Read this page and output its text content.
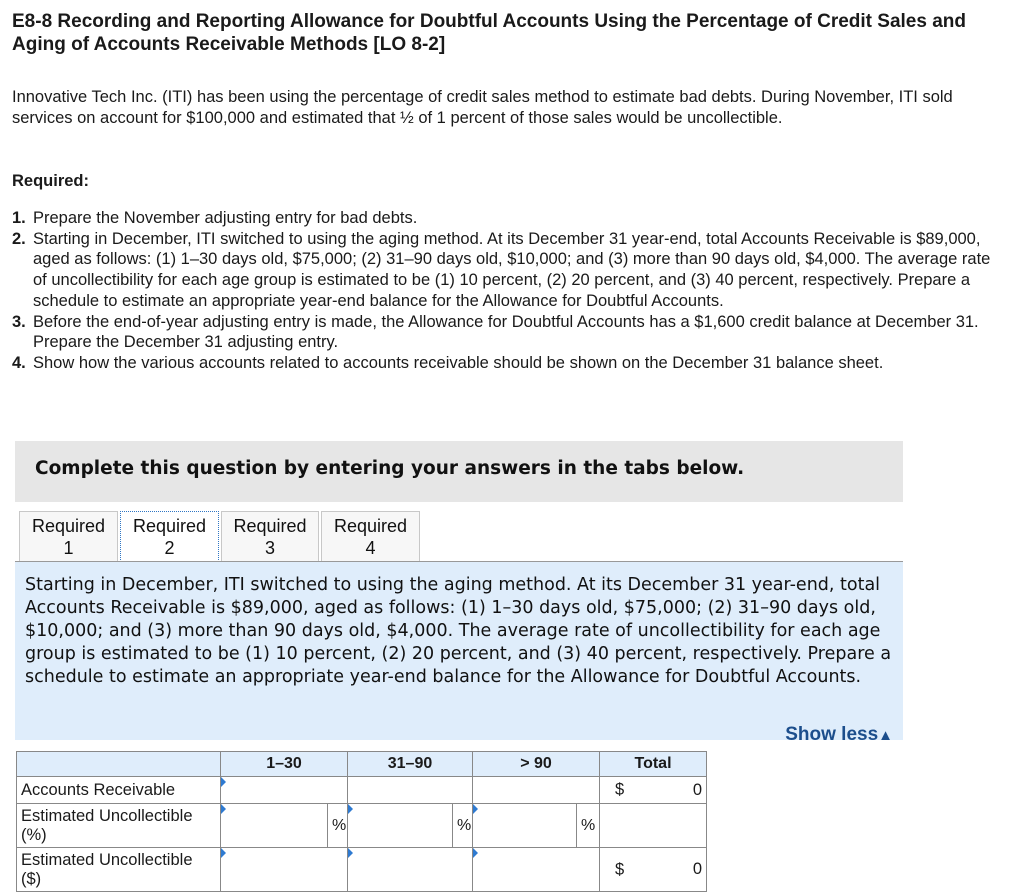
E8-8 Recording and Reporting Allowance for Doubtful Accounts Using the Percentage of Credit Sales and Aging of Accounts Receivable Methods [LO 8-2]

Innovative Tech Inc. (ITI) has been using the percentage of credit sales method to estimate bad debts. During November, ITI sold services on account for $100,000 and estimated that ½ of 1 percent of those sales would be uncollectible.

Required:

1. Prepare the November adjusting entry for bad debts.
2. Starting in December, ITI switched to using the aging method. At its December 31 year-end, total Accounts Receivable is $89,000, aged as follows: (1) 1–30 days old, $75,000; (2) 31–90 days old, $10,000; and (3) more than 90 days old, $4,000. The average rate of uncollectibility for each age group is estimated to be (1) 10 percent, (2) 20 percent, and (3) 40 percent, respectively. Prepare a schedule to estimate an appropriate year-end balance for the Allowance for Doubtful Accounts.
3. Before the end-of-year adjusting entry is made, the Allowance for Doubtful Accounts has a $1,600 credit balance at December 31. Prepare the December 31 adjusting entry.
4. Show how the various accounts related to accounts receivable should be shown on the December 31 balance sheet.
Complete this question by entering your answers in the tabs below.
Required
1
Required
2
Required
3
Required
4

Starting in December, ITI switched to using the aging method. At its December 31 year-end, total Accounts Receivable is $89,000, aged as follows: (1) 1–30 days old, $75,000; (2) 31–90 days old, $10,000; and (3) more than 90 days old, $4,000. The average rate of uncollectibility for each age group is estimated to be (1) 10 percent, (2) 20 percent, and (3) 40 percent, respectively. Prepare a schedule to estimate an appropriate year-end balance for the Allowance for Doubtful Accounts.

Show less▲
	1–30		31–90		> 90		Total
Accounts Receivable							$ 0
Estimated Uncollectible
(%)		%		%		%	
Estimated Uncollectible
($)							$ 0
